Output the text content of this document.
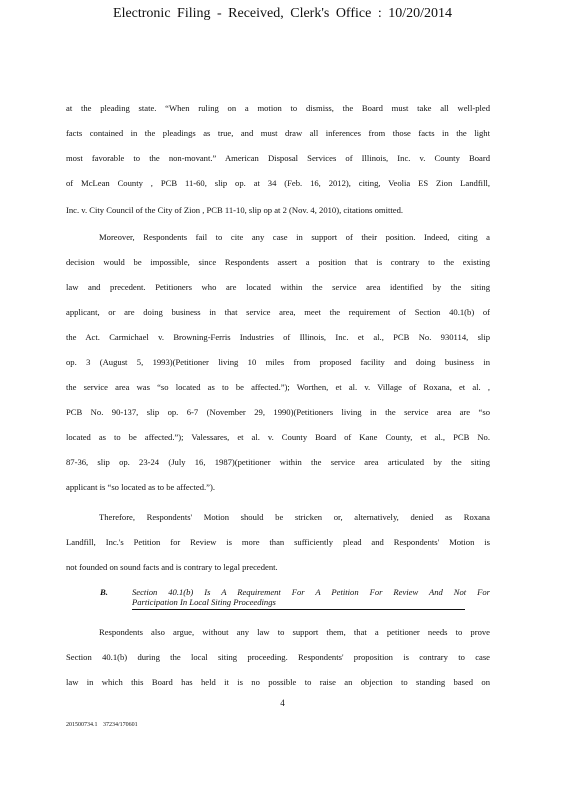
Electronic Filing - Received, Clerk's Office : 10/20/2014
B.	Section 40.1(b) Is A Requirement For A Petition For Review And Not For
Participation In Local Siting Proceedings
4
201500734.1 37234/170601
at the pleading state. “When ruling on a motion to dismiss, the Board must take all well-pled
facts contained in the pleadings as true, and must draw all inferences from those facts in the light
most favorable to the non-movant.” American Disposal Services of Illinois, Inc. v. County Board
of McLean County , PCB 11-60, slip op. at 34 (Feb. 16, 2012), citing, Veolia ES Zion Landfill,
Inc. v. City Council of the City of Zion , PCB 11-10, slip op at 2 (Nov. 4, 2010), citations omitted.
Moreover, Respondents fail to cite any case in support of their position. Indeed, citing a
decision would be impossible, since Respondents assert a position that is contrary to the existing
law and precedent. Petitioners who are located within the service area identified by the siting
applicant, or are doing business in that service area, meet the requirement of Section 40.1(b) of
the Act. Carmichael v. Browning-Ferris Industries of Illinois, Inc. et al., PCB No. 930114, slip
op. 3 (August 5, 1993)(Petitioner living 10 miles from proposed facility and doing business in
the service area was “so located as to be affected.”); Worthen, et al. v. Village of Roxana, et al. ,
PCB No. 90-137, slip op. 6-7 (November 29, 1990)(Petitioners living in the service area are “so
located as to be affected.”); Valessares, et al. v. County Board of Kane County, et al., PCB No.
87-36, slip op. 23-24 (July 16, 1987)(petitioner within the service area articulated by the siting
applicant is “so located as to be affected.”).
Therefore, Respondents' Motion should be stricken or, alternatively, denied as Roxana
Landfill, Inc.'s Petition for Review is more than sufficiently plead and Respondents' Motion is
not founded on sound facts and is contrary to legal precedent.
Respondents also argue, without any law to support them, that a petitioner needs to prove
Section 40.1(b) during the local siting proceeding. Respondents' proposition is contrary to case
law in which this Board has held it is no possible to raise an objection to standing based on
